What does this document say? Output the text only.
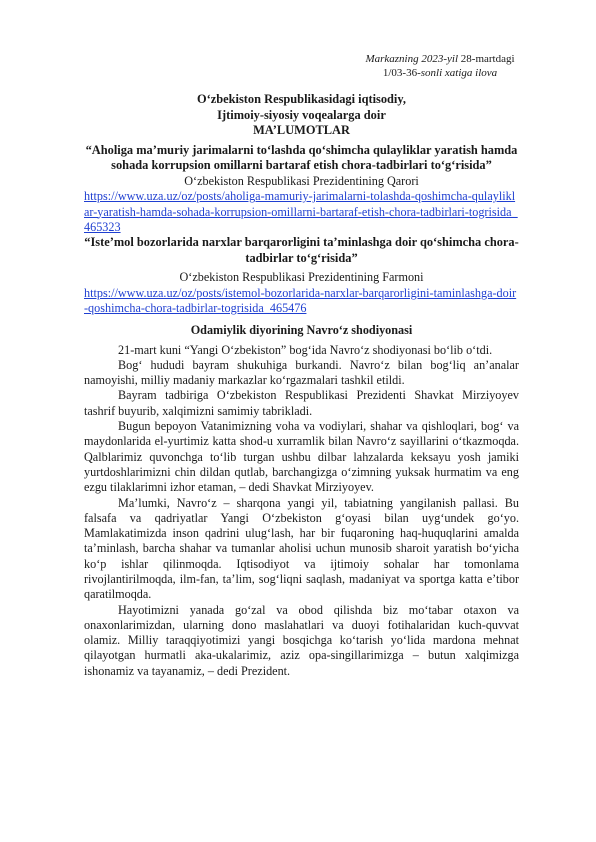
Markazning 2023-yil 28-martdagi
1/03-36-sonli xatiga ilova
O‘zbekiston Respublikasidagi iqtisodiy,
Ijtimoiy-siyosiy voqealarga doir
MA’LUMOTLAR
“Aholiga ma’muriy jarimalarni to‘lashda qo‘shimcha qulayliklar yaratish hamda sohada korrupsion omillarni bartaraf etish chora-tadbirlari to‘g‘risida”
O‘zbekiston Respublikasi Prezidentining Qarori
https://www.uza.uz/oz/posts/aholiga-mamuriy-jarimalarni-tolashda-qoshimcha-qulayliklar-yaratish-hamda-sohada-korrupsion-omillarni-bartaraf-etish-chora-tadbirlari-togrisida_465323
“Iste’mol bozorlarida narxlar barqarorligini ta’minlashga doir qo‘shimcha chora-tadbirlar to‘g‘risida”
O‘zbekiston Respublikasi Prezidentining Farmoni
https://www.uza.uz/oz/posts/istemol-bozorlarida-narxlar-barqarorligini-taminlashga-doir-qoshimcha-chora-tadbirlar-togrisida_465476

Odamiylik diyorining Navro‘z shodiyonasi

21-mart kuni “Yangi O‘zbekiston” bog‘ida Navro‘z shodiyonasi bo‘lib o‘tdi.

Bog‘ hududi bayram shukuhiga burkandi. Navro‘z bilan bog‘liq an’analar namoyishi, milliy madaniy markazlar ko‘rgazmalari tashkil etildi.

Bayram tadbiriga O‘zbekiston Respublikasi Prezidenti Shavkat Mirziyoyev tashrif buyurib, xalqimizni samimiy tabrikladi.

Bugun bepoyon Vatanimizning voha va vodiylari, shahar va qishloqlari, bog‘ va maydonlarida el-yurtimiz katta shod-u xurramlik bilan Navro‘z sayillarini o‘tkazmoqda. Qalblarimiz quvonchga to‘lib turgan ushbu dilbar lahzalarda keksayu yosh jamiki yurtdoshlarimizni chin dildan qutlab, barchangizga o‘zimning yuksak hurmatim va eng ezgu tilaklarimni izhor etaman, – dedi Shavkat Mirziyoyev.

Ma’lumki, Navro‘z – sharqona yangi yil, tabiatning yangilanish pallasi. Bu falsafa va qadriyatlar Yangi O‘zbekiston g‘oyasi bilan uyg‘undek go‘yo. Mamlakatimizda inson qadrini ulug‘lash, har bir fuqaroning haq-huquqlarini amalda ta’minlash, barcha shahar va tumanlar aholisi uchun munosib sharoit yaratish bo‘yicha ko‘p ishlar qilinmoqda. Iqtisodiyot va ijtimoiy sohalar har tomonlama rivojlantirilmoqda, ilm-fan, ta’lim, sog‘liqni saqlash, madaniyat va sportga katta e’tibor qaratilmoqda.

Hayotimizni yanada go‘zal va obod qilishda biz mo‘tabar otaxon va onaxonlarimizdan, ularning dono maslahatlari va duoyi fotihalaridan kuch-quvvat olamiz. Milliy taraqqiyotimizi yangi bosqichga ko‘tarish yo‘lida mardona mehnat qilayotgan hurmatli aka-ukalarimiz, aziz opa-singillarimizga – butun xalqimizga ishonamiz va tayanamiz, – dedi Prezident.
